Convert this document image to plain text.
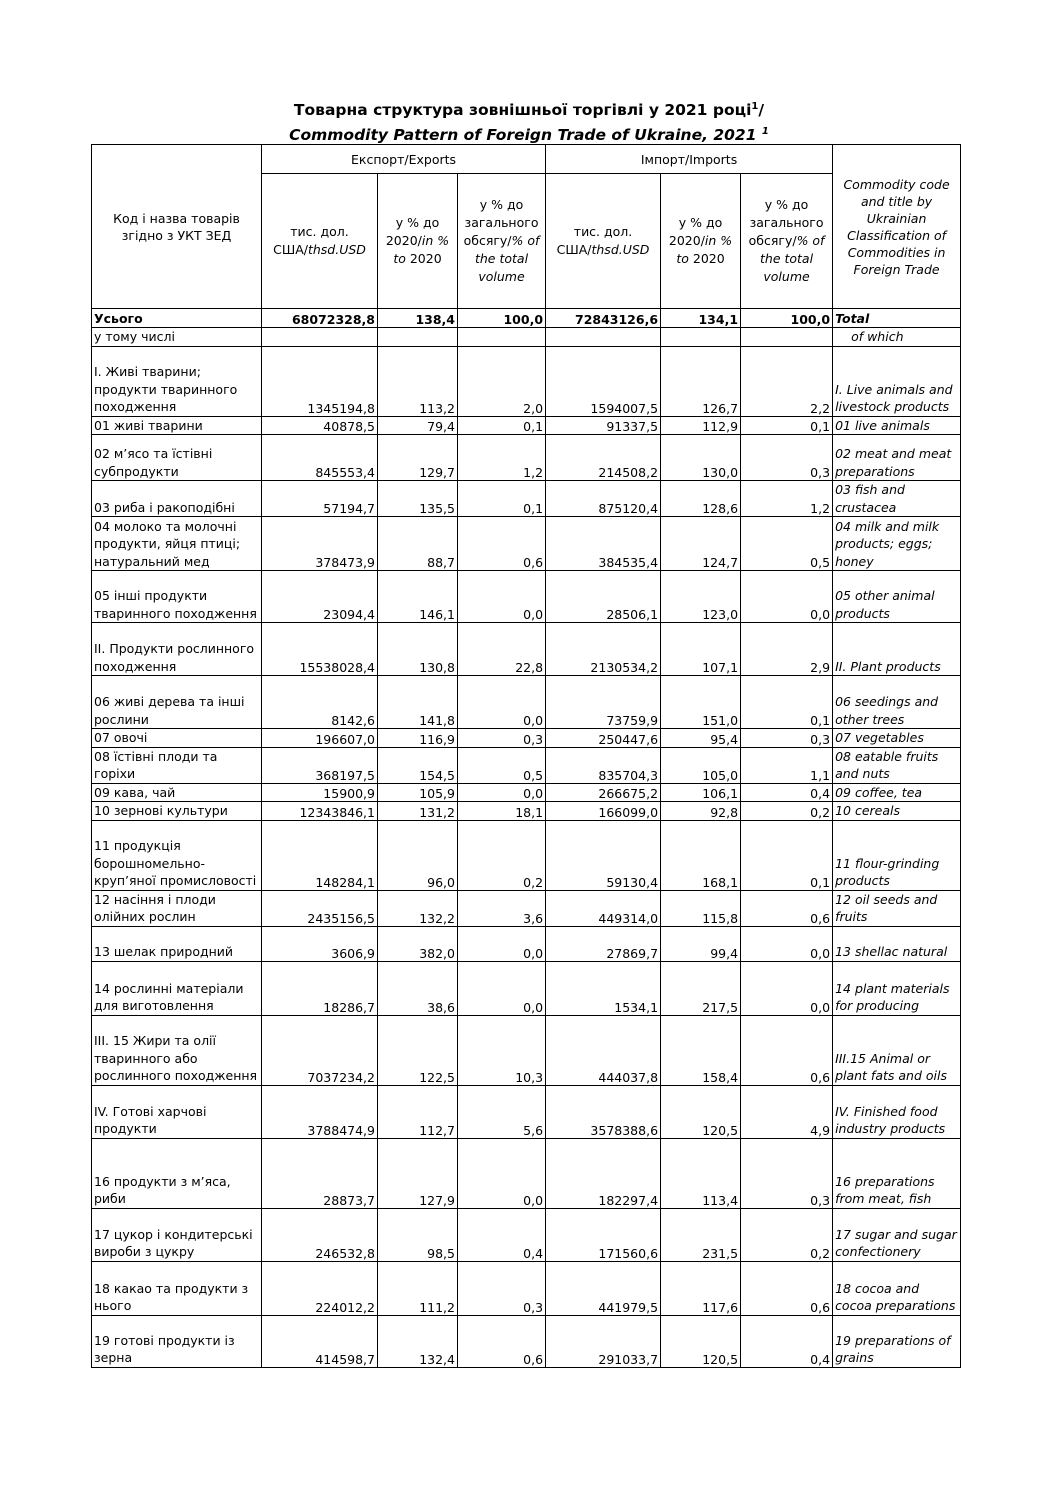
Товарна структура зовнішньої торгівлі у 2021 році$^1$/
Commodity Pattern of Foreign Trade of Ukraine, 2021 $^1$
Код і назва товарів згідно з УКТ ЗЕД	Експорт/Exports			Імпорт/Imports			Commodity code and title by Ukrainian Classification of Commodities in Foreign Trade
	тис. дол. США/thsd.USD	у % до 2020/in % to 2020	у % до загального обсягу/% of the total volume	тис. дол. США/thsd.USD	у % до 2020/in % to 2020	у % до загального обсягу/% of the total volume	
Усього	68072328,8	138,4	100,0	72843126,6	134,1	100,0	Total
у тому числі							of which
I. Живі тварини; продукти тваринного походження	1345194,8	113,2	2,0	1594007,5	126,7	2,2	I. Live animals and livestock products
01 живі тварини	40878,5	79,4	0,1	91337,5	112,9	0,1	01 live animals
02 м’ясо та їстівні субпродукти	845553,4	129,7	1,2	214508,2	130,0	0,3	02 meat and meat preparations
03 риба і ракоподібні	57194,7	135,5	0,1	875120,4	128,6	1,2	03 fish and crustacea
04 молоко та молочні продукти, яйця птиці; натуральний мед	378473,9	88,7	0,6	384535,4	124,7	0,5	04 milk and milk products; eggs; honey
05 інші продукти тваринного походження	23094,4	146,1	0,0	28506,1	123,0	0,0	05 other animal products
II. Продукти рослинного походження	15538028,4	130,8	22,8	2130534,2	107,1	2,9	II. Plant products
06 живі дерева та інші рослини	8142,6	141,8	0,0	73759,9	151,0	0,1	06 seedings and other trees
07 овочі	196607,0	116,9	0,3	250447,6	95,4	0,3	07 vegetables
08 їстівні плоди та горіхи	368197,5	154,5	0,5	835704,3	105,0	1,1	08 eatable fruits and nuts
09 кава, чай	15900,9	105,9	0,0	266675,2	106,1	0,4	09 coffee, tea
10 зернові культури	12343846,1	131,2	18,1	166099,0	92,8	0,2	10 cereals
11 продукція борошномельно-круп’яної промисловості	148284,1	96,0	0,2	59130,4	168,1	0,1	11 flour-grinding products
12 насіння і плоди олійних рослин	2435156,5	132,2	3,6	449314,0	115,8	0,6	12 oil seeds and fruits
13 шелак природний	3606,9	382,0	0,0	27869,7	99,4	0,0	13 shellac natural
14 рослинні матеріали для виготовлення	18286,7	38,6	0,0	1534,1	217,5	0,0	14 plant materials for producing
III. 15 Жири та олії тваринного або рослинного походження	7037234,2	122,5	10,3	444037,8	158,4	0,6	III.15 Animal or plant fats and oils
IV. Готові харчові продукти	3788474,9	112,7	5,6	3578388,6	120,5	4,9	IV. Finished food industry products
16 продукти з м’яса, риби	28873,7	127,9	0,0	182297,4	113,4	0,3	16 preparations from meat, fish
17 цукор і кондитерські вироби з цукру	246532,8	98,5	0,4	171560,6	231,5	0,2	17 sugar and sugar confectionery
18 какао та продукти з нього	224012,2	111,2	0,3	441979,5	117,6	0,6	18 cocoa and cocoa preparations
19 готові продукти із зерна	414598,7	132,4	0,6	291033,7	120,5	0,4	19 preparations of grains
